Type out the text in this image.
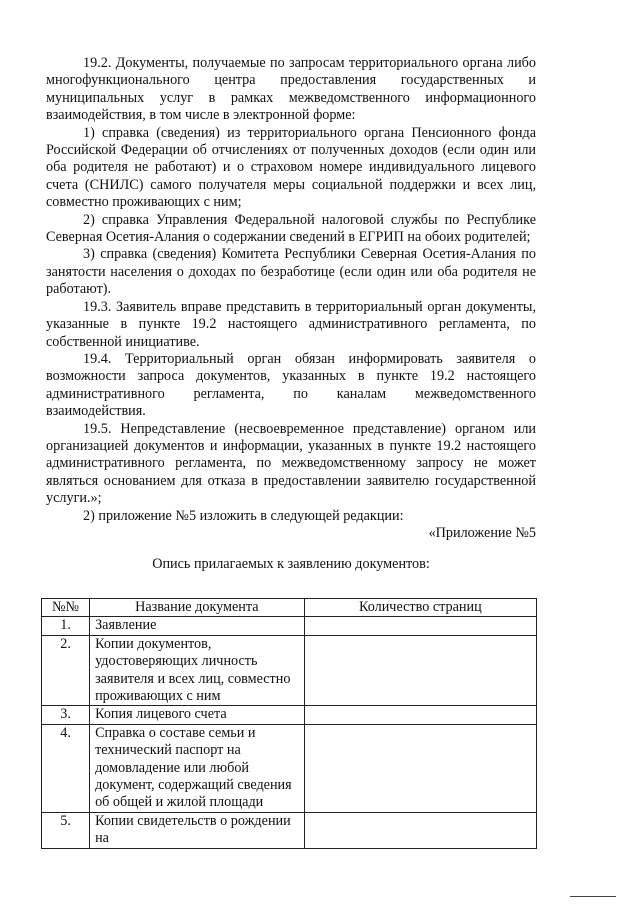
19.2. Документы, получаемые по запросам территориального органа либо многофункционального центра предоставления государственных и муниципальных услуг в рамках межведомственного информационного взаимодействия, в том числе в электронной форме:

1) справка (сведения) из территориального органа Пенсионного фонда Российской Федерации об отчислениях от полученных доходов (если один или оба родителя не работают) и о страховом номере индивидуального лицевого счета (СНИЛС) самого получателя меры социальной поддержки и всех лиц, совместно проживающих с ним;

2) справка Управления Федеральной налоговой службы по Республике Северная Осетия-Алания о содержании сведений в ЕГРИП на обоих родителей;

3) справка (сведения) Комитета Республики Северная Осетия-Алания по занятости населения о доходах по безработице (если один или оба родителя не работают).

19.3. Заявитель вправе представить в территориальный орган документы, указанные в пункте 19.2 настоящего административного регламента, по собственной инициативе.

19.4. Территориальный орган обязан информировать заявителя о возможности запроса документов, указанных в пункте 19.2 настоящего административного регламента, по каналам межведомственного взаимодействия.

19.5. Непредставление (несвоевременное представление) органом или организацией документов и информации, указанных в пункте 19.2 настоящего административного регламента, по межведомственному запросу не может являться основанием для отказа в предоставлении заявителю государственной услуги.»;

2) приложение №5 изложить в следующей редакции:

«Приложение №5

Опись прилагаемых к заявлению документов:

№№	Название документа	Количество страниц
1.	Заявление	
2.	Копии документов, удостоверяющих личность заявителя и всех лиц, совместно проживающих с ним	
3.	Копия лицевого счета	
4.	Справка о составе семьи и технический паспорт на домовладение или любой документ, содержащий сведения об общей и жилой площади	
5.	Копии свидетельств о рождении на	
